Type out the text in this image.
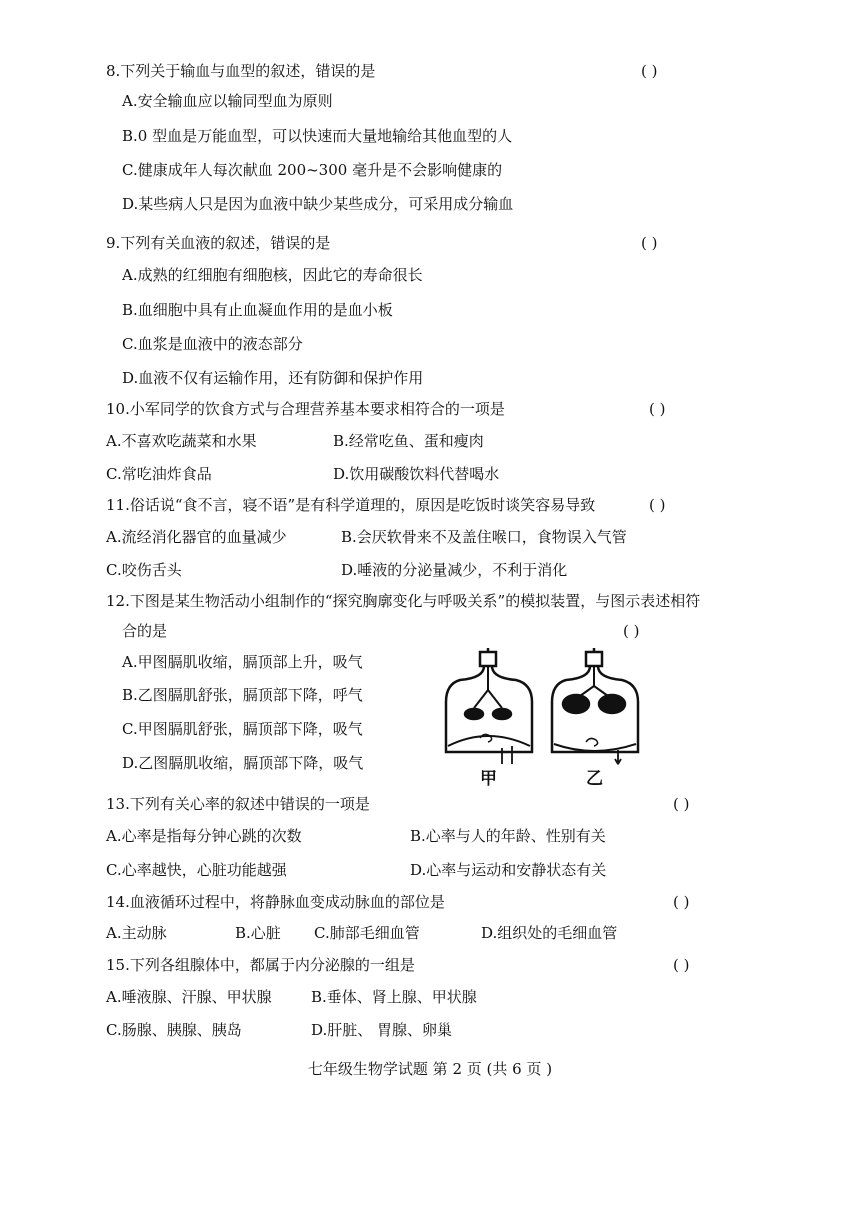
8.下列关于输血与血型的叙述，错误的是	( )
A.安全输血应以输同型血为原则
B.0 型血是万能血型，可以快速而大量地输给其他血型的人
C.健康成年人每次献血 200~300 毫升是不会影响健康的
D.某些病人只是因为血液中缺少某些成分，可采用成分输血
9.下列有关血液的叙述，错误的是	( )
A.成熟的红细胞有细胞核，因此它的寿命很长
B.血细胞中具有止血凝血作用的是血小板
C.血浆是血液中的液态部分
D.血液不仅有运输作用，还有防御和保护作用
10.小军同学的饮食方式与合理营养基本要求相符合的一项是	( )
A.不喜欢吃蔬菜和水果	B.经常吃鱼、蛋和瘦肉
C.常吃油炸食品	D.饮用碳酸饮料代替喝水
11.俗话说“食不言，寝不语”是有科学道理的，原因是吃饭时谈笑容易导致	( )
A.流经消化器官的血量减少	B.会厌软骨来不及盖住喉口，食物误入气管
C.咬伤舌头	D.唾液的分泌量减少，不利于消化
12.下图是某生物活动小组制作的“探究胸廓变化与呼吸关系”的模拟装置，与图示表述相符
合的是	( )
A.甲图膈肌收缩，膈顶部上升，吸气
B.乙图膈肌舒张，膈顶部下降，呼气
C.甲图膈肌舒张，膈顶部下降，吸气
D.乙图膈肌收缩，膈顶部下降，吸气
甲	乙
13.下列有关心率的叙述中错误的一项是	( )
A.心率是指每分钟心跳的次数	B.心率与人的年龄、性别有关
C.心率越快，心脏功能越强	D.心率与运动和安静状态有关
14.血液循环过程中，将静脉血变成动脉血的部位是	( )
A.主动脉	B.心脏 C.肺部毛细血管	D.组织处的毛细血管
15.下列各组腺体中，都属于内分泌腺的一组是	( )
A.唾液腺、汗腺、甲状腺	B.垂体、肾上腺、甲状腺
C.肠腺、胰腺、胰岛	D.肝脏、 胃腺、卵巢
七年级生物学试题 第 2 页 (共 6 页 )
